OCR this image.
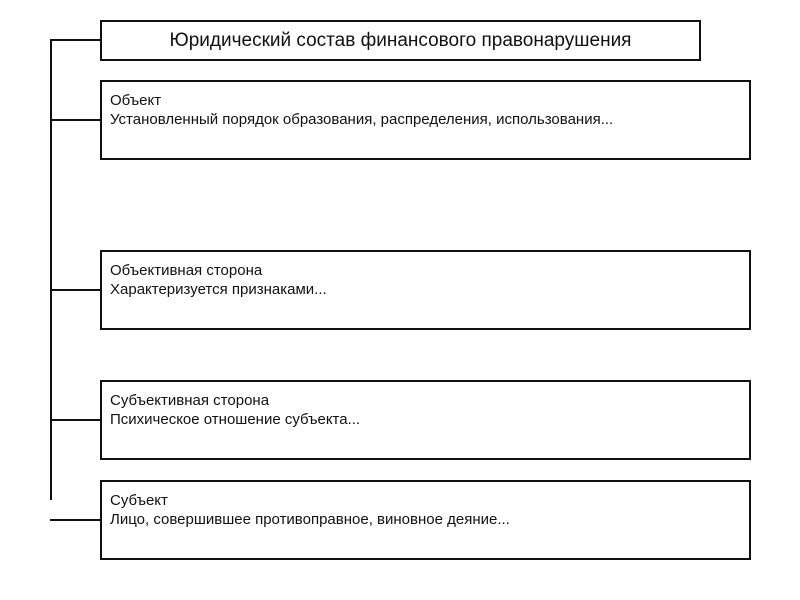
Юридический состав финансового правонарушения
Объект
Установленный порядок образования, распределения, использования...
Объективная сторона
Характеризуется признаками...
Субъективная сторона
Психическое отношение субъекта...
Субъект
Лицо, совершившее противоправное, виновное деяние...
